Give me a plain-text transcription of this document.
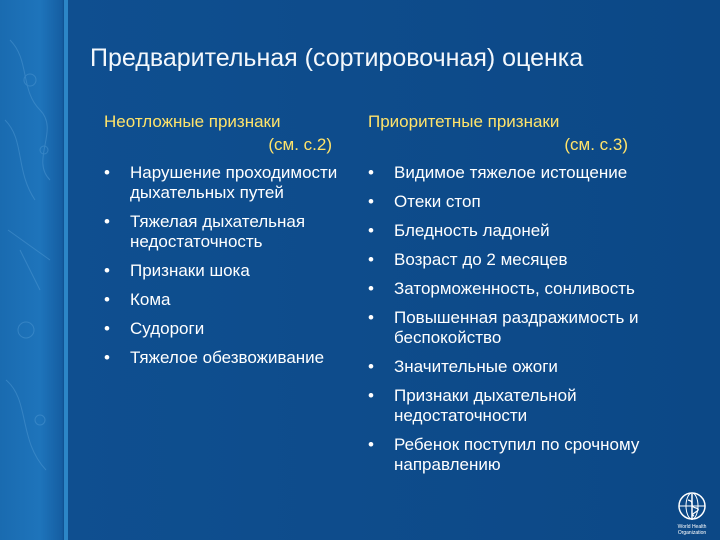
Предварительная (сортировочная) оценка
Неотложные признаки
(см. с.2)
• Нарушение проходимости дыхательных путей
• Тяжелая дыхательная недостаточность
• Признаки шока
• Кома
• Судороги
• Тяжелое обезвоживание
Приоритетные признаки
(см. с.3)
• Видимое тяжелое истощение
• Отеки стоп
• Бледность ладоней
• Возраст до 2 месяцев
• Заторможенность, сонливость
• Повышенная раздражимость и беспокойство
• Значительные ожоги
• Признаки дыхательной недостаточности
• Ребенок поступил по срочному направлению
World Health Organization
